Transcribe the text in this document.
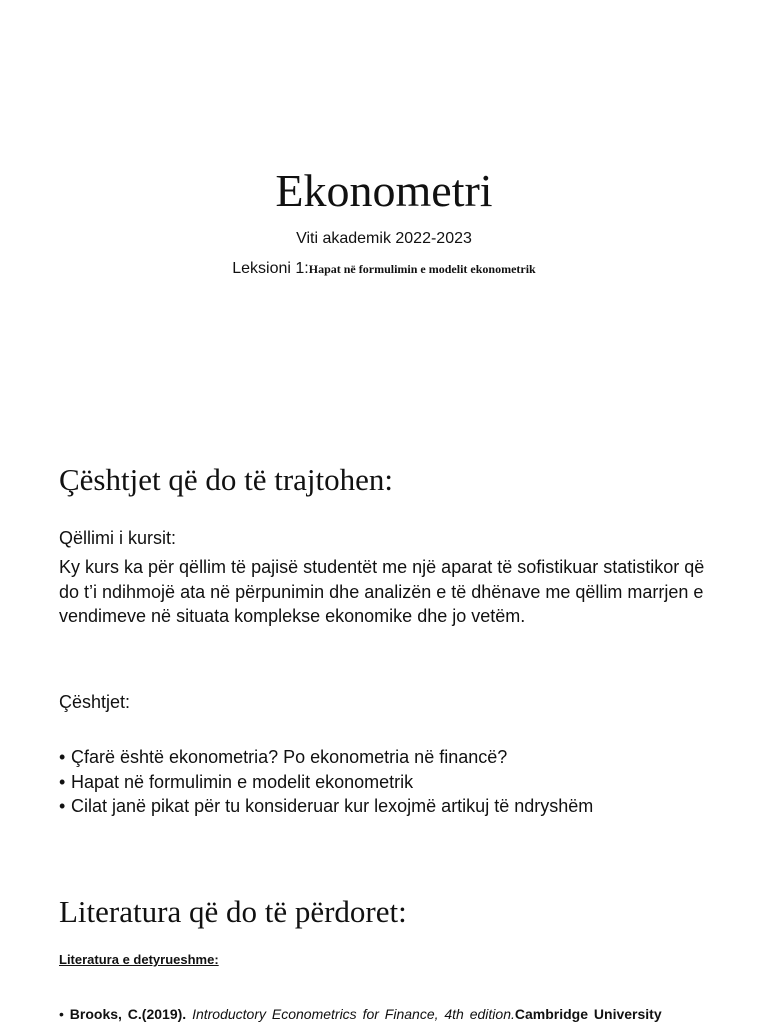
Ekonometri
Viti akademik 2022-2023
Leksioni 1:Hapat në formulimin e modelit ekonometrik
Çështjet që do të trajtohen:
Qëllimi i kursit:
Ky kurs ka për qëllim të pajisë studentët me një aparat të sofistikuar statistikor që do t’i ndihmojë ata në përpunimin dhe analizën e të dhënave me qëllim marrjen e vendimeve në situata komplekse ekonomike dhe jo vetëm.
Çështjet:
• Çfarë është ekonometria? Po ekonometria në financë?
• Hapat në formulimin e modelit ekonometrik
• Cilat janë pikat për tu konsideruar kur lexojmë artikuj të ndryshëm
Literatura që do të përdoret:
Literatura e detyrueshme:
• Brooks, C.(2019). Introductory Econometrics for Finance, 4th edition.Cambridge University
